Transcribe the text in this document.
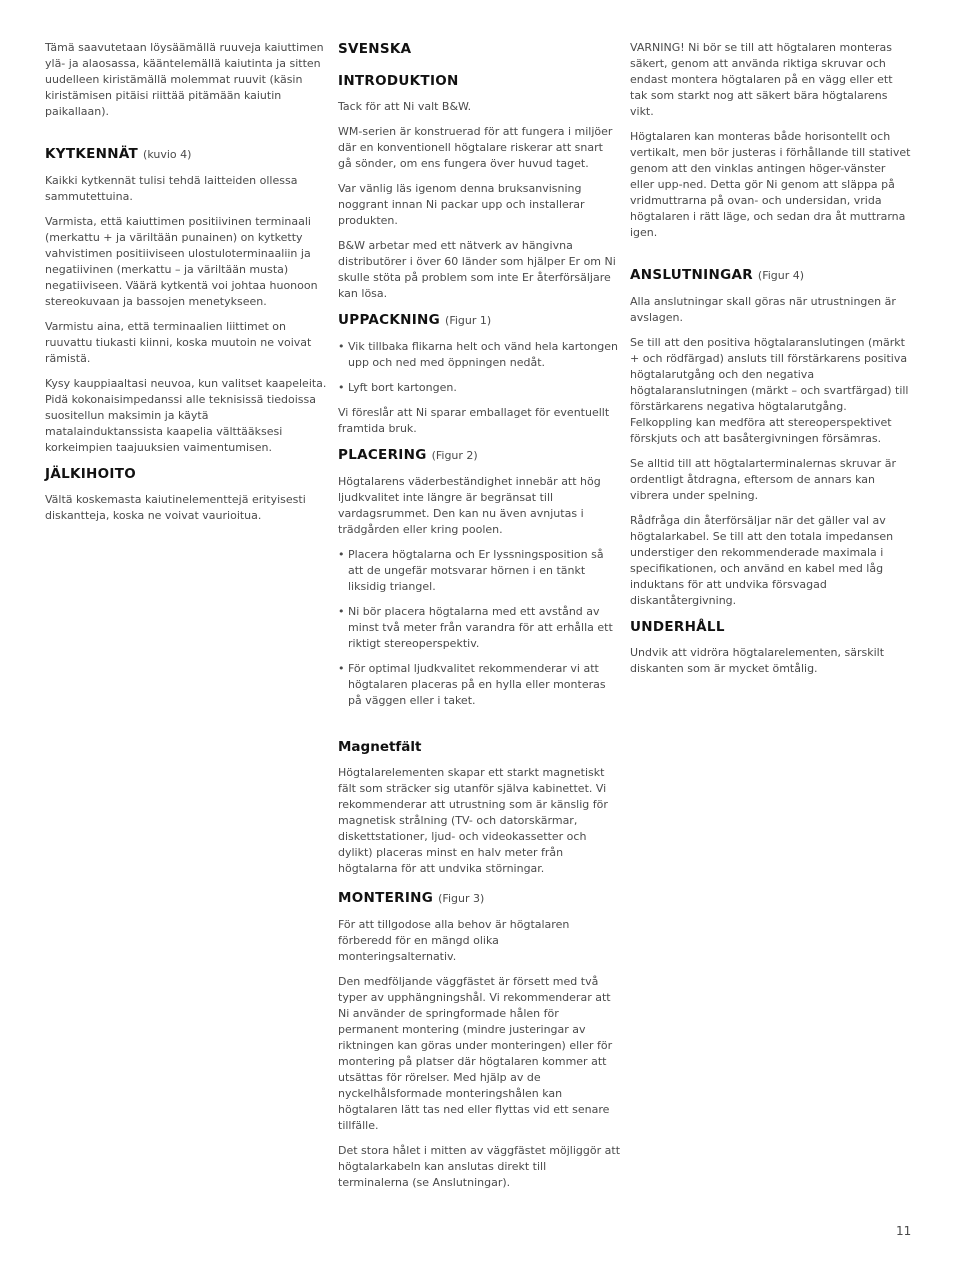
Tämä saavutetaan löysäämällä ruuveja kaiuttimen ylä- ja alaosassa, kääntelemällä kaiutinta ja sitten uudelleen kiristämällä molemmat ruuvit (käsin kiristämisen pitäisi riittää pitämään kaiutin paikallaan).

KYTKENNÄT (kuvio 4)

Kaikki kytkennät tulisi tehdä laitteiden ollessa sammutettuina.

Varmista, että kaiuttimen positiivinen terminaali (merkattu + ja väriltään punainen) on kytketty vahvistimen positiiviseen ulostuloterminaaliin ja negatiivinen (merkattu – ja väriltään musta) negatiiviseen. Väärä kytkentä voi johtaa huonoon stereokuvaan ja bassojen menetykseen.

Varmistu aina, että terminaalien liittimet on ruuvattu tiukasti kiinni, koska muutoin ne voivat rämistä.

Kysy kauppiaaltasi neuvoa, kun valitset kaapeleita. Pidä kokonaisimpedanssi alle teknisissä tiedoissa suositellun maksimin ja käytä matalainduktanssista kaapelia välttääksesi korkeimpien taajuuksien vaimentumisen.

JÄLKIHOITO

Vältä koskemasta kaiutinelementtejä erityisesti diskantteja, koska ne voivat vaurioitua.

SVENSKA
INTRODUKTION

Tack för att Ni valt B&W.

WM-serien är konstruerad för att fungera i miljöer där en konventionell högtalare riskerar att snart gå sönder, om ens fungera över huvud taget.

Var vänlig läs igenom denna bruksanvisning noggrant innan Ni packar upp och installerar produkten.

B&W arbetar med ett nätverk av hängivna distributörer i över 60 länder som hjälper Er om Ni skulle stöta på problem som inte Er återförsäljare kan lösa.

UPPACKNING (Figur 1)
• Vik tillbaka flikarna helt och vänd hela kartongen upp och ned med öppningen nedåt.
• Lyft bort kartongen.

Vi föreslår att Ni sparar emballaget för eventuellt framtida bruk.

PLACERING (Figur 2)

Högtalarens väderbeständighet innebär att hög ljudkvalitet inte längre är begränsat till vardagsrummet. Den kan nu även avnjutas i trädgården eller kring poolen.

• Placera högtalarna och Er lyssningsposition så att de ungefär motsvarar hörnen i en tänkt liksidig triangel.
• Ni bör placera högtalarna med ett avstånd av minst två meter från varandra för att erhålla ett riktigt stereoperspektiv.
• För optimal ljudkvalitet rekommenderar vi att högtalaren placeras på en hylla eller monteras på väggen eller i taket.
Magnetfält

Högtalarelementen skapar ett starkt magnetiskt fält som sträcker sig utanför själva kabinettet. Vi rekommenderar att utrustning som är känslig för magnetisk strålning (TV- och datorskärmar, diskettstationer, ljud- och videokassetter och dylikt) placeras minst en halv meter från högtalarna för att undvika störningar.

MONTERING (Figur 3)

För att tillgodose alla behov är högtalaren förberedd för en mängd olika monteringsalternativ.

Den medföljande väggfästet är försett med två typer av upphängningshål. Vi rekommenderar att Ni använder de springformade hålen för permanent montering (mindre justeringar av riktningen kan göras under monteringen) eller för montering på platser där högtalaren kommer att utsättas för rörelser. Med hjälp av de nyckelhålsformade monteringshålen kan högtalaren lätt tas ned eller flyttas vid ett senare tillfälle.

Det stora hålet i mitten av väggfästet möjliggör att högtalarkabeln kan anslutas direkt till terminalerna (se Anslutningar).

VARNING! Ni bör se till att högtalaren monteras säkert, genom att använda riktiga skruvar och endast montera högtalaren på en vägg eller ett tak som starkt nog att säkert bära högtalarens vikt.

Högtalaren kan monteras både horisontellt och vertikalt, men bör justeras i förhållande till stativet genom att den vinklas antingen höger-vänster eller upp-ned. Detta gör Ni genom att släppa på vridmuttrarna på ovan- och undersidan, vrida högtalaren i rätt läge, och sedan dra åt muttrarna igen.

ANSLUTNINGAR (Figur 4)

Alla anslutningar skall göras när utrustningen är avslagen.

Se till att den positiva högtalaranslutingen (märkt + och rödfärgad) ansluts till förstärkarens positiva högtalarutgång och den negativa högtalaranslutningen (märkt – och svartfärgad) till förstärkarens negativa högtalarutgång. Felkoppling kan medföra att stereoperspektivet förskjuts och att basåtergivningen försämras.

Se alltid till att högtalarterminalernas skruvar är ordentligt åtdragna, eftersom de annars kan vibrera under spelning.

Rådfråga din återförsäljar när det gäller val av högtalarkabel. Se till att den totala impedansen understiger den rekommenderade maximala i specifikationen, och använd en kabel med låg induktans för att undvika försvagad diskantåtergivning.

UNDERHÅLL

Undvik att vidröra högtalarelementen, särskilt diskanten som är mycket ömtålig.

11
